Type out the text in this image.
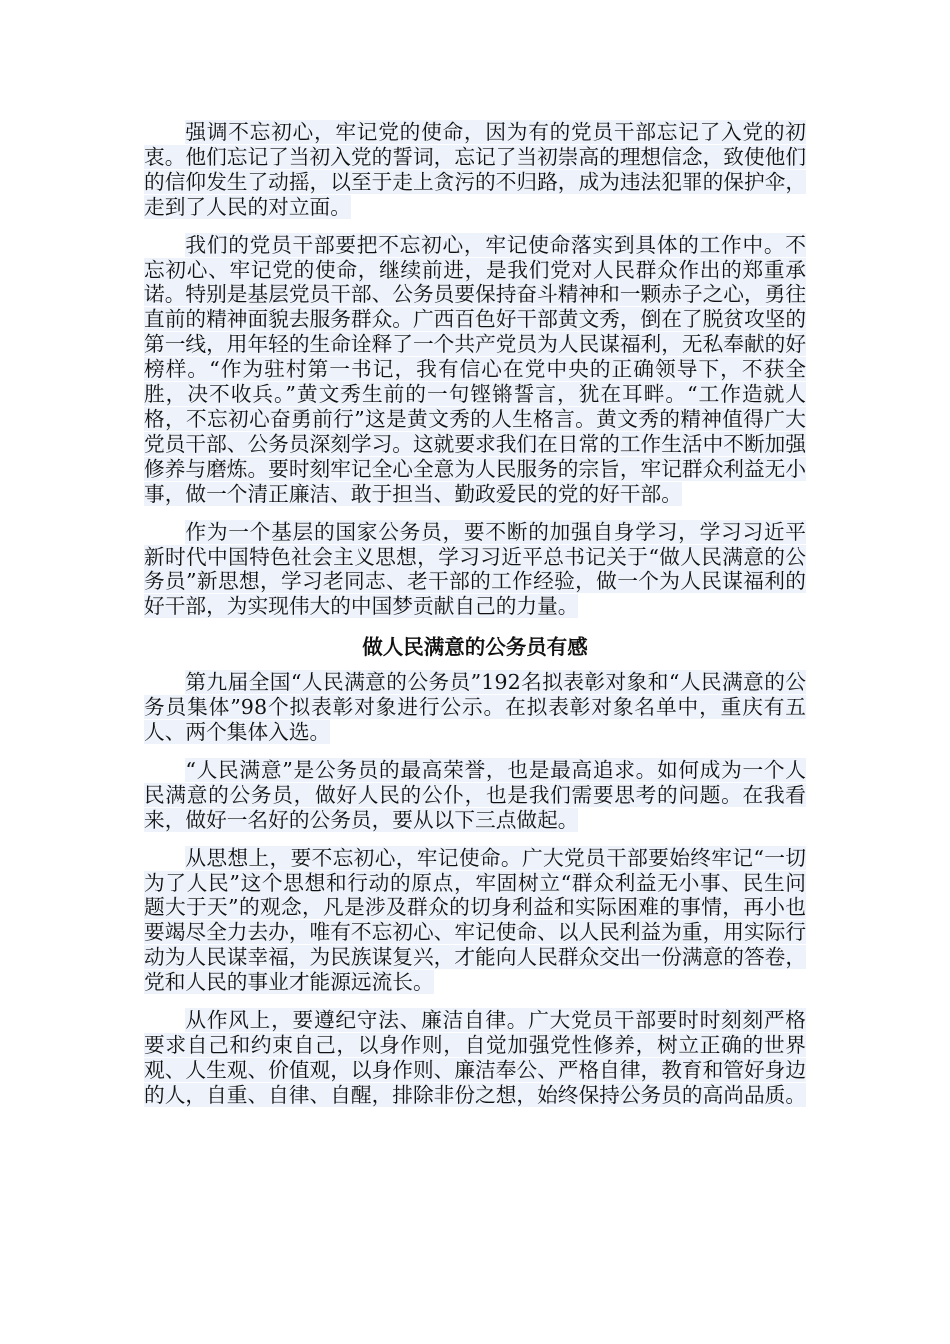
强调不忘初心，牢记党的使命，因为有的党员干部忘记了入党的初衷。他们忘记了当初入党的誓词，忘记了当初崇高的理想信念，致使他们的信仰发生了动摇，以至于走上贪污的不归路，成为违法犯罪的保护伞，走到了人民的对立面。

我们的党员干部要把不忘初心，牢记使命落实到具体的工作中。不忘初心、牢记党的使命，继续前进，是我们党对人民群众作出的郑重承诺。特别是基层党员干部、公务员要保持奋斗精神和一颗赤子之心，勇往直前的精神面貌去服务群众。广西百色好干部黄文秀，倒在了脱贫攻坚的第一线，用年轻的生命诠释了一个共产党员为人民谋福利，无私奉献的好榜样。“作为驻村第一书记，我有信心在党中央的正确领导下，不获全胜，决不收兵。”黄文秀生前的一句铿锵誓言，犹在耳畔。“工作造就人格，不忘初心奋勇前行”这是黄文秀的人生格言。黄文秀的精神值得广大党员干部、公务员深刻学习。这就要求我们在日常的工作生活中不断加强修养与磨炼。要时刻牢记全心全意为人民服务的宗旨，牢记群众利益无小事，做一个清正廉洁、敢于担当、勤政爱民的党的好干部。

作为一个基层的国家公务员，要不断的加强自身学习，学习习近平新时代中国特色社会主义思想，学习习近平总书记关于“做人民满意的公务员”新思想，学习老同志、老干部的工作经验，做一个为人民谋福利的好干部，为实现伟大的中国梦贡献自己的力量。

做人民满意的公务员有感

第九届全国“人民满意的公务员”192名拟表彰对象和“人民满意的公务员集体”98个拟表彰对象进行公示。在拟表彰对象名单中，重庆有五人、两个集体入选。

“人民满意”是公务员的最高荣誉，也是最高追求。如何成为一个人民满意的公务员，做好人民的公仆，也是我们需要思考的问题。在我看来，做好一名好的公务员，要从以下三点做起。

从思想上，要不忘初心，牢记使命。广大党员干部要始终牢记“一切为了人民”这个思想和行动的原点，牢固树立“群众利益无小事、民生问题大于天”的观念，凡是涉及群众的切身利益和实际困难的事情，再小也要竭尽全力去办，唯有不忘初心、牢记使命、以人民利益为重，用实际行动为人民谋幸福，为民族谋复兴，才能向人民群众交出一份满意的答卷，党和人民的事业才能源远流长。

从作风上，要遵纪守法、廉洁自律。广大党员干部要时时刻刻严格要求自己和约束自己，以身作则，自觉加强党性修养，树立正确的世界观、人生观、价值观，以身作则、廉洁奉公、严格自律，教育和管好身边的人，自重、自律、自醒，排除非份之想，始终保持公务员的高尚品质。
